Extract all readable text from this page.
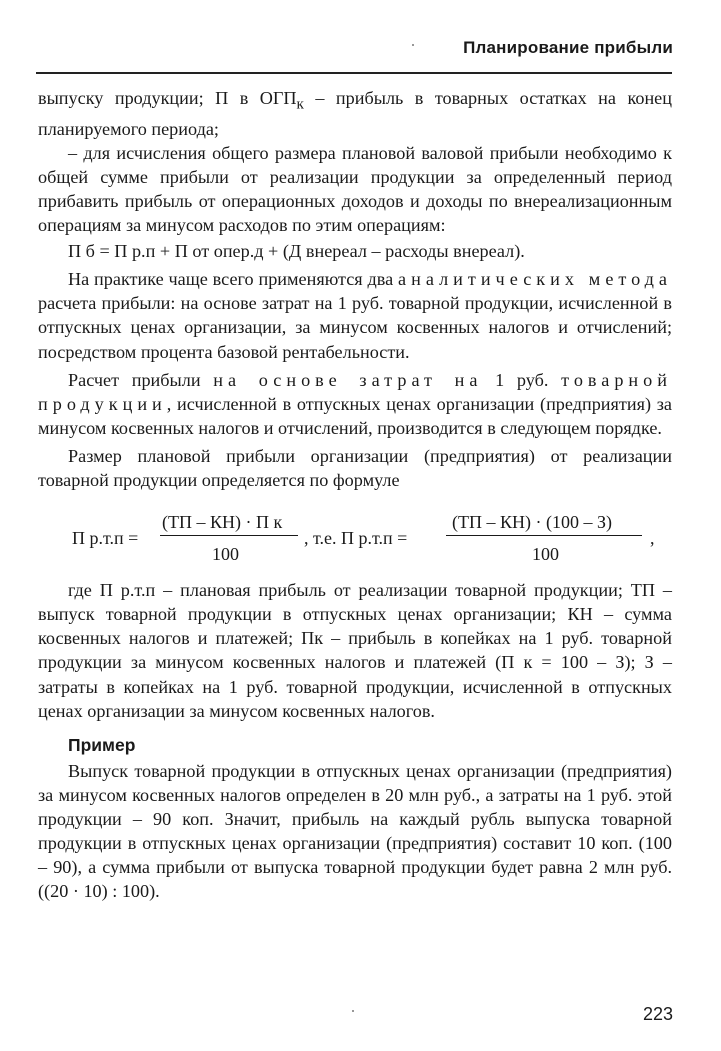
Планирование прибыли

выпуску продукции; П в $ОГП_к$ – прибыль в товарных остатках на конец планируемого периода;

– для исчисления общего размера плановой валовой прибыли необходимо к общей сумме прибыли от реализации продукции за определенный период прибавить прибыль от операционных доходов и доходы по внереализационным операциям за минусом расходов по этим операциям:

П б = П р.п + П от опер.д + (Д внереал – расходы внереал).

На практике чаще всего применяются два аналитических метода расчета прибыли: на основе затрат на 1 руб. товарной продукции, исчисленной в отпускных ценах организации, за минусом косвенных налогов и отчислений; посредством процента базовой рентабельности.

Расчет прибыли на основе затрат на 1 руб. товарной продукции, исчисленной в отпускных ценах организации (предприятия) за минусом косвенных налогов и отчислений, производится в следующем порядке.

Размер плановой прибыли организации (предприятия) от реализации товарной продукции определяется по формуле

П р.т.п =
(ТП – КН) · П к
100
, т.е. П р.т.п =
(ТП – КН) · (100 – З)
100
,

где П р.т.п – плановая прибыль от реализации товарной продукции; ТП – выпуск товарной продукции в отпускных ценах организации; КН – сумма косвенных налогов и платежей; Пк – прибыль в копейках на 1 руб. товарной продукции за минусом косвенных налогов и платежей (П к = 100 – З); З – затраты в копейках на 1 руб. товарной продукции, исчисленной в отпускных ценах организации за минусом косвенных налогов.

Пример

Выпуск товарной продукции в отпускных ценах организации (предприятия) за минусом косвенных налогов определен в 20 млн руб., а затраты на 1 руб. этой продукции – 90 коп. Значит, прибыль на каждый рубль выпуска товарной продукции в отпускных ценах организации (предприятия) составит 10 коп. (100 – 90), а сумма прибыли от выпуска товарной продукции будет равна 2 млн руб. ((20 · 10) : 100).

223
